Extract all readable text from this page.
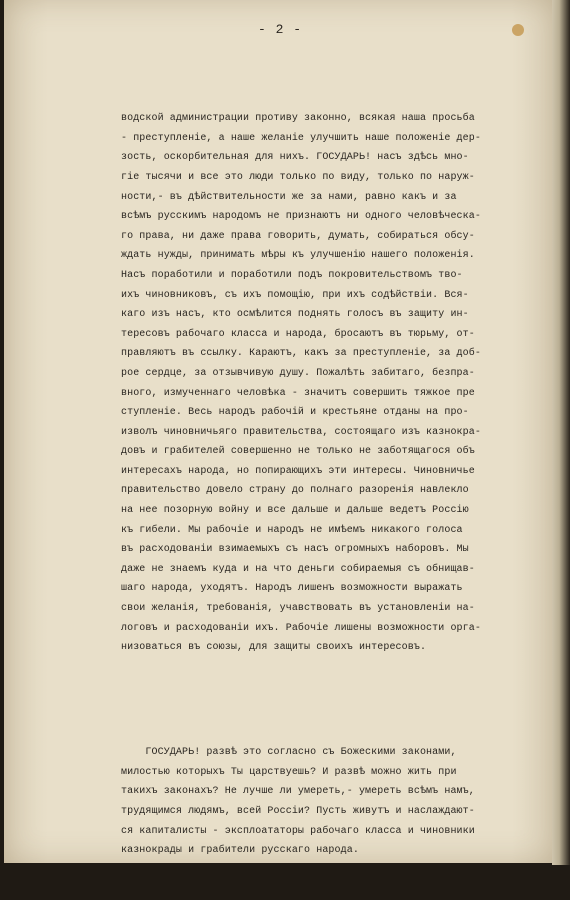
- 2 -

водской администрации противу законно, всякая наша просьба
- преступленіе, а наше желаніе улучшить наше положеніе дер-
зость, оскорбительная для нихъ. ГОСУДАРЬ! насъ здѣсь мно-
гіе тысячи и все это люди только по виду, только по наруж-
ности,- въ дѣйствительности же за нами, равно какъ и за
всѣмъ русскимъ народомъ не признаютъ ни одного человѣческа-
го права, ни даже права говорить, думать, собираться обсу-
ждать нужды, принимать мѣры къ улучшенію нашего положенія.
Насъ поработили и поработили подъ покровительствомъ тво-
ихъ чиновниковъ, съ ихъ помощію, при ихъ содѣйствіи. Вся-
каго изъ насъ, кто осмѣлится поднять голосъ въ защиту ин-
тересовъ рабочаго класса и народа, бросаютъ въ тюрьму, от-
правляютъ въ ссылку. Караютъ, какъ за преступленіе, за доб-
рое сердце, за отзывчивую душу. Пожалѣть забитаго, безпра-
вного, измученнаго человѣка - значитъ совершить тяжкое пре
ступленіе. Весь народъ рабочій и крестьяне отданы на про-
изволъ чиновничьяго правительства, состоящаго изъ казнокра-
довъ и грабителей совершенно не только не заботящагося объ
интересахъ народа, но попирающихъ эти интересы. Чиновничье
правительство довело страну до полнаго разоренія навлекло
на нее позорную войну и все дальше и дальше ведетъ Россію
къ гибели. Мы рабочіе и народъ не имѣемъ никакого голоса
въ расходованіи взимаемыхъ съ насъ огромныхъ наборовъ. Мы
даже не знаемъ куда и на что деньги собираемыя съ обнищав-
шаго народа, уходятъ. Народъ лишенъ возможности выражать
свои желанія, требованія, учавствовать въ установленіи на-
логовъ и расходованіи ихъ. Рабочіе лишены возможности орга-
низоваться въ союзы, для защиты своихъ интересовъ.

ГОСУДАРЬ! развѣ это согласно съ Божескими законами,
милостью которыхъ Ты царствуешь? И развѣ можно жить при
такихъ законахъ? Не лучше ли умереть,- умереть всѣмъ намъ,
трудящимся людямъ, всей Россіи? Пусть живутъ и наслаждают-
ся капиталисты - эксплоататоры рабочаго класса и чиновники
казнокрады и грабители русскаго народа.
